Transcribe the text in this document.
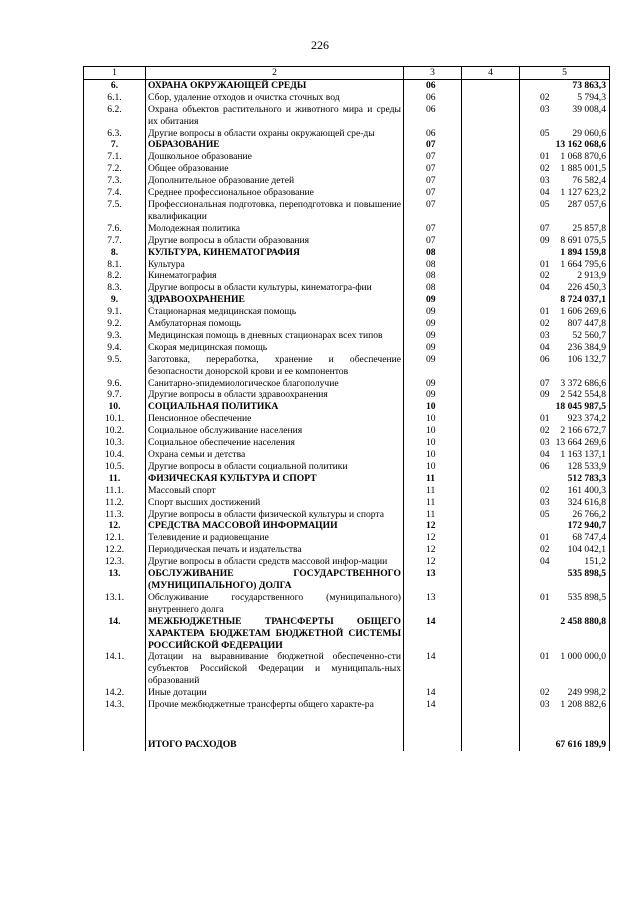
226
1	2	3	4	5
6.	ОХРАНА ОКРУЖАЮЩЕЙ СРЕДЫ	06		73 863,3
6.1.	Сбор, удаление отходов и очистка сточных вод	06	02	5 794,3
6.2.	Охрана объектов растительного и животного мира и среды их обитания	06	03	39 008,4
6.3.	Другие вопросы в области охраны окружающей сре-ды	06	05	29 060,6
7.	ОБРАЗОВАНИЕ	07		13 162 068,6
7.1.	Дошкольное образование	07	01	1 068 870,6
7.2.	Общее образование	07	02	1 885 001,5
7.3.	Дополнительное образование детей	07	03	76 582,4
7.4.	Среднее профессиональное образование	07	04	1 127 623,2
7.5.	Профессиональная подготовка, переподготовка и повышение квалификации	07	05	287 057,6
7.6.	Молодежная политика	07	07	25 857,8
7.7.	Другие вопросы в области образования	07	09	8 691 075,5
8.	КУЛЬТУРА, КИНЕМАТОГРАФИЯ	08		1 894 159,8
8.1.	Культура	08	01	1 664 795,6
8.2.	Кинематография	08	02	2 913,9
8.3.	Другие вопросы в области культуры, кинематогра-фии	08	04	226 450,3
9.	ЗДРАВООХРАНЕНИЕ	09		8 724 037,1
9.1.	Стационарная медицинская помощь	09	01	1 606 269,6
9.2.	Амбулаторная помощь	09	02	807 447,8
9.3.	Медицинская помощь в дневных стационарах всех типов	09	03	52 560,7
9.4.	Скорая медицинская помощь	09	04	236 384,9
9.5.	Заготовка, переработка, хранение и обеспечение безопасности донорской крови и ее компонентов	09	06	106 132,7
9.6.	Санитарно-эпидемиологическое благополучие	09	07	3 372 686,6
9.7.	Другие вопросы в области здравоохранения	09	09	2 542 554,8
10.	СОЦИАЛЬНАЯ ПОЛИТИКА	10		18 045 987,5
10.1.	Пенсионное обеспечение	10	01	923 374,2
10.2.	Социальное обслуживание населения	10	02	2 166 672,7
10.3.	Социальное обеспечение населения	10	03	13 664 269,6
10.4.	Охрана семьи и детства	10	04	1 163 137,1
10.5.	Другие вопросы в области социальной политики	10	06	128 533,9
11.	ФИЗИЧЕСКАЯ КУЛЬТУРА И СПОРТ	11		512 783,3
11.1.	Массовый спорт	11	02	161 400,3
11.2.	Спорт высших достижений	11	03	324 616,8
11.3.	Другие вопросы в области физической культуры и спорта	11	05	26 766,2
12.	СРЕДСТВА МАССОВОЙ ИНФОРМАЦИИ	12		172 940,7
12.1.	Телевидение и радиовещание	12	01	68 747,4
12.2.	Периодическая печать и издательства	12	02	104 042,1
12.3.	Другие вопросы в области средств массовой инфор-мации	12	04	151,2
13.	ОБСЛУЖИВАНИЕ ГОСУДАРСТВЕННОГО (МУНИЦИПАЛЬНОГО) ДОЛГА	13		535 898,5
13.1.	Обслуживание государственного (муниципального) внутреннего долга	13	01	535 898,5
14.	МЕЖБЮДЖЕТНЫЕ ТРАНСФЕРТЫ ОБЩЕГО ХАРАКТЕРА БЮДЖЕТАМ БЮДЖЕТНОЙ СИСТЕМЫ РОССИЙСКОЙ ФЕДЕРАЦИИ	14		2 458 880,8
14.1.	Дотации на выравнивание бюджетной обеспеченно-сти субъектов Российской Федерации и муниципаль-ных образований	14	01	1 000 000,0
14.2.	Иные дотации	14	02	249 998,2
14.3.	Прочие межбюджетные трансферты общего характе-ра	14	03	1 208 882,6

	ИТОГО РАСХОДОВ			67 616 189,9
